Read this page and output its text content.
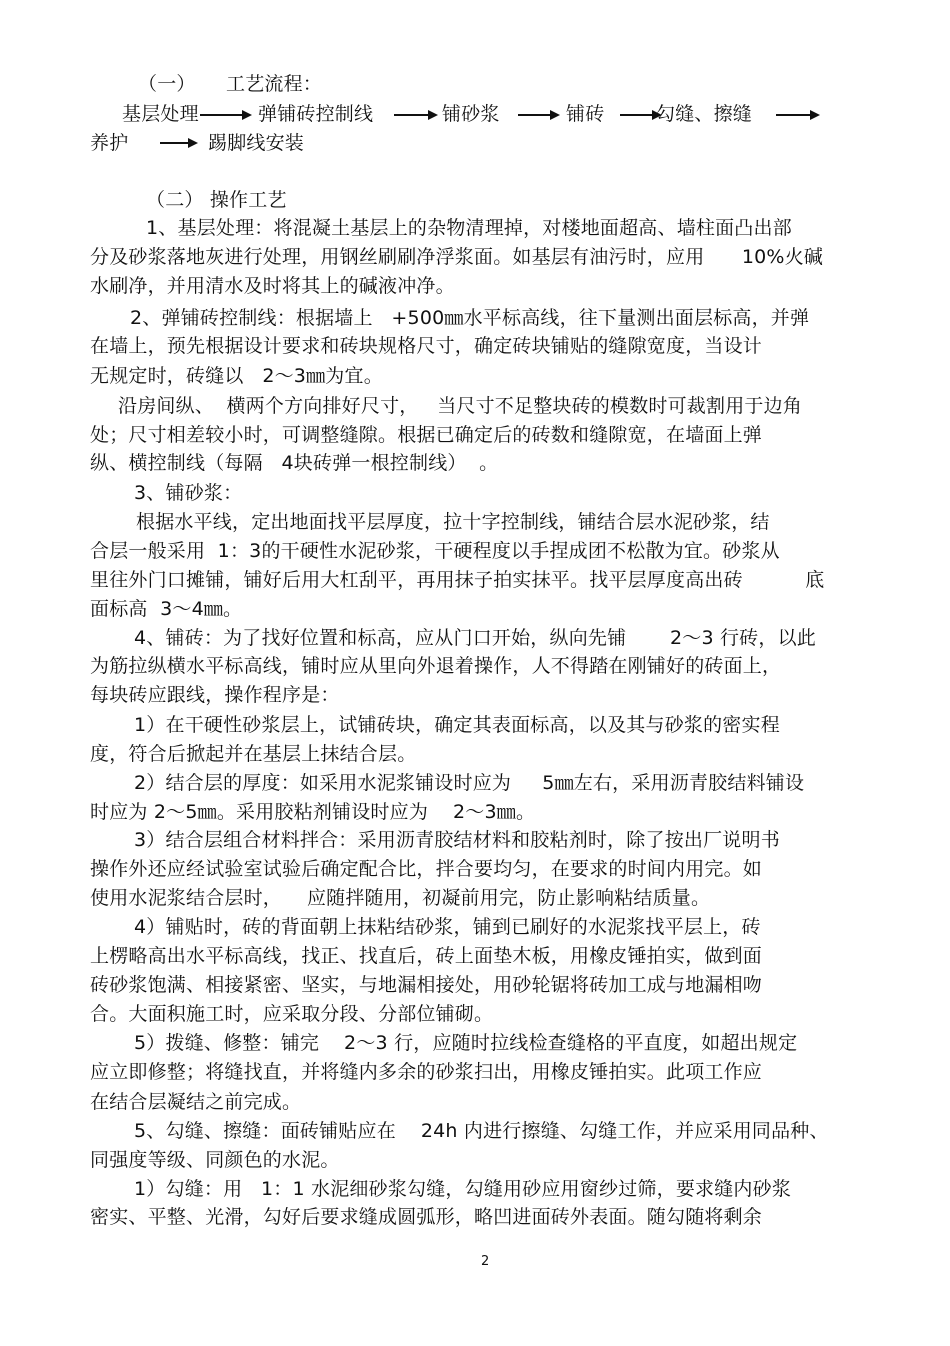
（一） 工艺流程：
基层处理	弹铺砖控制线	铺砂浆	铺砖	勾缝、擦缝
养护	踢脚线安装
（二） 操作工艺
1、基层处理：将混凝土基层上的杂物清理掉，对楼地面超高、墙柱面凸出部
分及砂浆落地灰进行处理，用钢丝刷刷净浮浆面。如基层有油污时，应用      10%火碱
水刷净，并用清水及时将其上的碱液冲净。
2、弹铺砖控制线：根据墙上   +500㎜水平标高线，往下量测出面层标高，并弹
在墙上，预先根据设计要求和砖块规格尺寸，确定砖块铺贴的缝隙宽度，当设计
无规定时，砖缝以   2～3㎜为宜。
沿房间纵、  横两个方向排好尺寸，   当尺寸不足整块砖的模数时可裁割用于边角
处；尺寸相差较小时，可调整缝隙。根据已确定后的砖数和缝隙宽，在墙面上弹
纵、横控制线（每隔   4块砖弹一根控制线）  。
3、铺砂浆：
根据水平线，定出地面找平层厚度，拉十字控制线，铺结合层水泥砂浆，结
合层一般采用  1：3的干硬性水泥砂浆，干硬程度以手捏成团不松散为宜。砂浆从
里往外门口摊铺，铺好后用大杠刮平，再用抹子拍实抹平。找平层厚度高出砖          底
面标高  3～4㎜。
4、铺砖：为了找好位置和标高，应从门口开始，纵向先铺       2～3 行砖，以此
为筋拉纵横水平标高线，铺时应从里向外退着操作，人不得踏在刚铺好的砖面上，
每块砖应跟线，操作程序是：
1）在干硬性砂浆层上，试铺砖块，确定其表面标高，以及其与砂浆的密实程
度，符合后掀起并在基层上抹结合层。
2）结合层的厚度：如采用水泥浆铺设时应为     5㎜左右，采用沥青胶结料铺设
时应为 2～5㎜。采用胶粘剂铺设时应为    2～3㎜。
3）结合层组合材料拌合：采用沥青胶结材料和胶粘剂时，除了按出厂说明书
操作外还应经试验室试验后确定配合比，拌合要均匀，在要求的时间内用完。如
使用水泥浆结合层时，    应随拌随用，初凝前用完，防止影响粘结质量。
4）铺贴时，砖的背面朝上抹粘结砂浆，铺到已刷好的水泥浆找平层上，砖
上楞略高出水平标高线，找正、找直后，砖上面垫木板，用橡皮锤拍实，做到面
砖砂浆饱满、相接紧密、坚实，与地漏相接处，用砂轮锯将砖加工成与地漏相吻
合。大面积施工时，应采取分段、分部位铺砌。
5）拨缝、修整：铺完    2～3 行，应随时拉线检查缝格的平直度，如超出规定
应立即修整；将缝找直，并将缝内多余的砂浆扫出，用橡皮锤拍实。此项工作应
在结合层凝结之前完成。
5、勾缝、擦缝：面砖铺贴应在    24h 内进行擦缝、勾缝工作，并应采用同品种、
同强度等级、同颜色的水泥。
1）勾缝：用   1：1 水泥细砂浆勾缝，勾缝用砂应用窗纱过筛，要求缝内砂浆
密实、平整、光滑，勾好后要求缝成圆弧形，略凹进面砖外表面。随勾随将剩余
2
